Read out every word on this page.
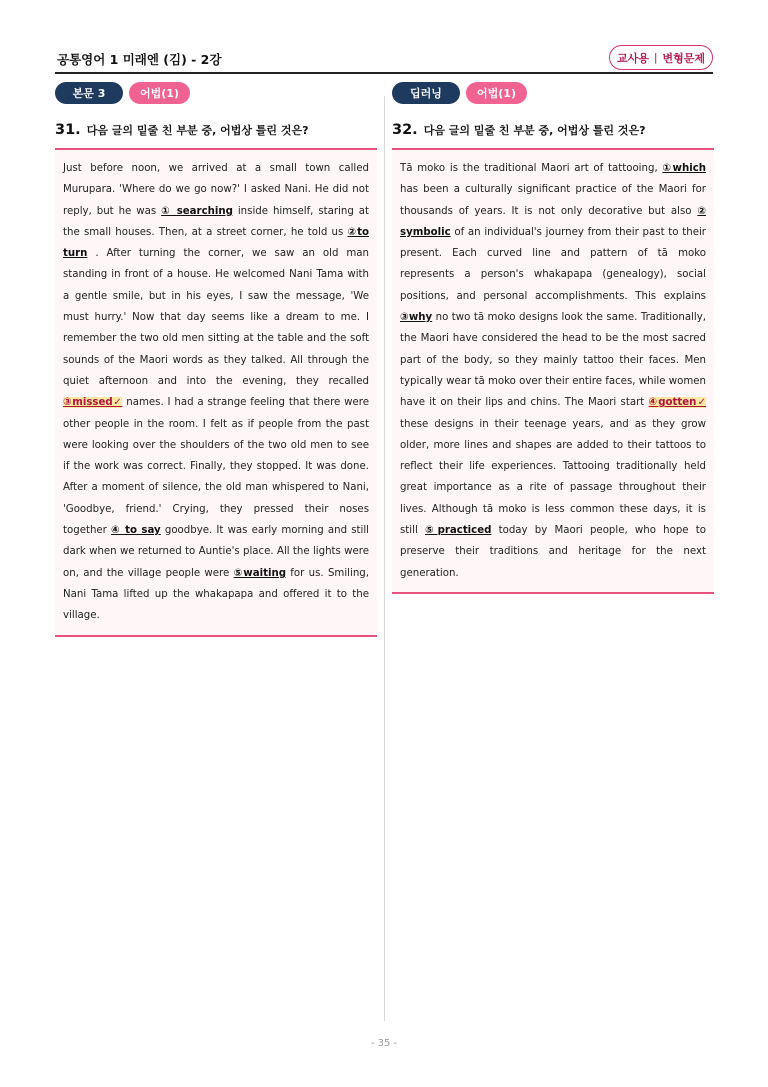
공통영어 1 미래엔 (김) - 2강	교사용 | 변형문제
본문 3	어법(1)
31. 다음 글의 밑줄 친 부분 중, 어법상 틀린 것은?

Just before noon, we arrived at a small town called Murupara. 'Where do we go now?' I asked Nani. He did not reply, but he was ① searching inside himself, staring at the small houses. Then, at a street corner, he told us ②to turn . After turning the corner, we saw an old man standing in front of a house. He welcomed Nani Tama with a gentle smile, but in his eyes, I saw the message, 'We must hurry.' Now that day seems like a dream to me. I remember the two old men sitting at the table and the soft sounds of the Maori words as they talked. All through the quiet afternoon and into the evening, they recalled ③missed✓ names. I had a strange feeling that there were other people in the room. I felt as if people from the past were looking over the shoulders of the two old men to see if the work was correct. Finally, they stopped. It was done. After a moment of silence, the old man whispered to Nani, 'Goodbye, friend.' Crying, they pressed their noses together ④ to say goodbye. It was early morning and still dark when we returned to Auntie's place. All the lights were on, and the village people were ⑤waiting for us. Smiling, Nani Tama lifted up the whakapapa and offered it to the village.

딥러닝	어법(1)
32. 다음 글의 밑줄 친 부분 중, 어법상 틀린 것은?

Tā moko is the traditional Maori art of tattooing, ①which has been a culturally significant practice of the Maori for thousands of years. It is not only decorative but also ② symbolic of an individual's journey from their past to their present. Each curved line and pattern of tā moko represents a person's whakapapa (genealogy), social positions, and personal accomplishments. This explains ③why no two tā moko designs look the same. Traditionally, the Maori have considered the head to be the most sacred part of the body, so they mainly tattoo their faces. Men typically wear tā moko over their entire faces, while women have it on their lips and chins. The Maori start ④gotten✓ these designs in their teenage years, and as they grow older, more lines and shapes are added to their tattoos to reflect their life experiences. Tattooing traditionally held great importance as a rite of passage throughout their lives. Although tā moko is less common these days, it is still ⑤practiced today by Maori people, who hope to preserve their traditions and heritage for the next generation.

- 35 -
